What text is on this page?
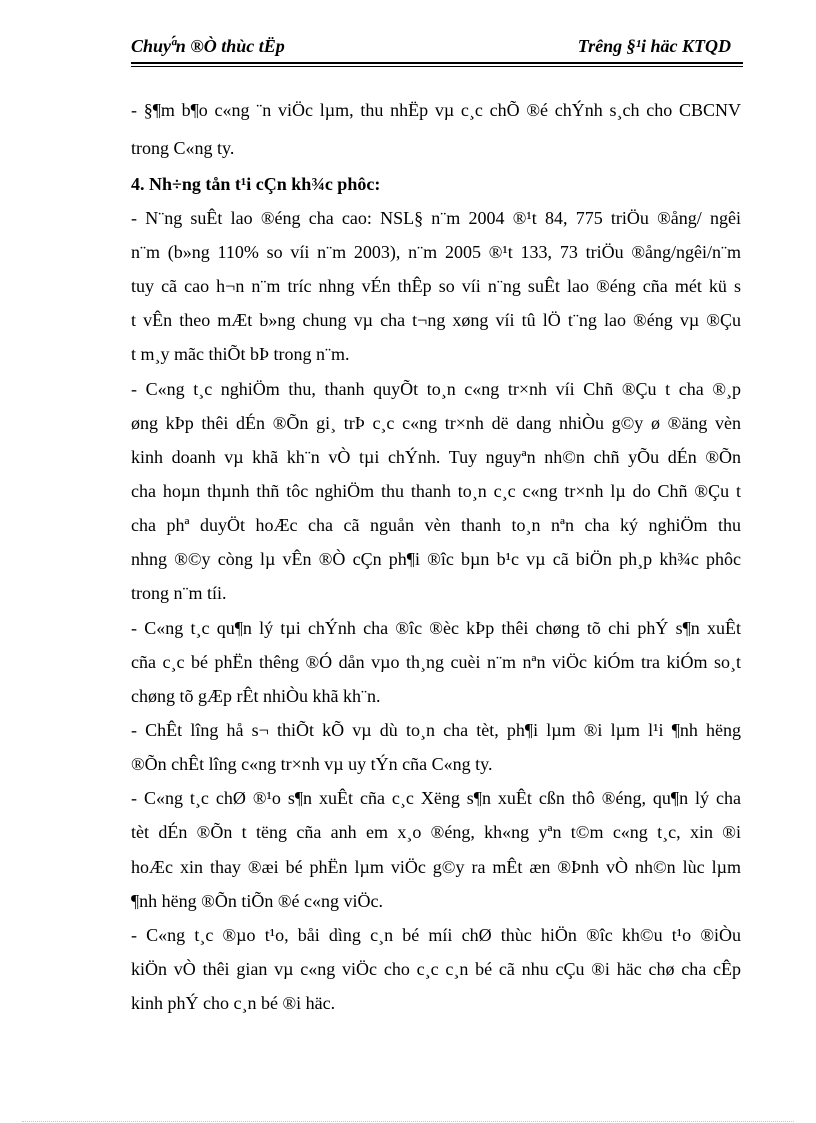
Chuyª́n ®Ò thùc tËp	Trêng §¹i häc KTQD
- §¶m b¶o c«ng ¨n viÖc lµm, thu nhËp vµ c¸c chÕ ®é chÝnh s¸ch cho CBCNV
trong C«ng ty.
4. Nh÷ng tån t¹i cÇn kh¾c phôc:
- N¨ng suÊt lao ®éng cha cao: NSL§ n¨m 2004 ®¹t 84, 775 triÖu ®ång/ ngêi
n¨m (b»ng 110% so víi n¨m 2003), n¨m 2005 ®¹t 133, 73 triÖu ®ång/ngêi/n¨m
tuy cã cao h¬n n¨m tríc nhng vÉn thÊp so víi n¨ng suÊt lao ®éng cña mét kü s
t vÊn theo mÆt b»ng chung vµ cha t¬ng xøng víi tû lÖ t¨ng lao ®éng vµ ®Çu
t m¸y mãc thiÕt bÞ trong n¨m.
- C«ng t¸c nghiÖm thu, thanh quyÕt to¸n c«ng tr×nh víi Chñ ®Çu t cha ®¸p
øng kÞp thêi dÉn ®Õn gi¸ trÞ c¸c c«ng tr×nh dë dang nhiÒu g©y ø ®äng vèn
kinh doanh vµ khã kh¨n vÒ tµi chÝnh. Tuy nguyªn nh©n chñ yÕu dÉn ®Õn
cha hoµn thµnh thñ tôc nghiÖm thu thanh to¸n c¸c c«ng tr×nh lµ do Chñ ®Çu t
cha phª duyÖt hoÆc cha cã nguån vèn thanh to¸n nªn cha ký nghiÖm thu
nhng ®©y còng lµ vÊn ®Ò cÇn ph¶i ®îc bµn b¹c vµ cã biÖn ph¸p kh¾c phôc
trong n¨m tíi.
- C«ng t¸c qu¶n lý tµi chÝnh cha ®îc ®èc kÞp thêi chøng tõ chi phÝ s¶n xuÊt
cña c¸c bé phËn thêng ®Ó dån vµo th¸ng cuèi n¨m nªn viÖc kiÓm tra kiÓm so¸t
chøng tõ gÆp rÊt nhiÒu khã kh¨n.
- ChÊt lîng hå s¬ thiÕt kÕ vµ dù to¸n cha tèt, ph¶i lµm ®i lµm l¹i ¶nh hëng
®Õn chÊt lîng c«ng tr×nh vµ uy tÝn cña C«ng ty.
- C«ng t¸c chØ ®¹o s¶n xuÊt cña c¸c Xëng s¶n xuÊt cßn thô ®éng, qu¶n lý cha
tèt dÉn ®Õn t tëng cña anh em x¸o ®éng, kh«ng yªn t©m c«ng t¸c, xin ®i
hoÆc xin thay ®æi bé phËn lµm viÖc g©y ra mÊt æn ®Þnh vÒ nh©n lùc lµm
¶nh hëng ®Õn tiÕn ®é c«ng viÖc.
- C«ng t¸c ®µo t¹o, båi dìng c¸n bé míi chØ thùc hiÖn ®îc kh©u t¹o ®iÒu
kiÖn vÒ thêi gian vµ c«ng viÖc cho c¸c c¸n bé cã nhu cÇu ®i häc chø cha cÊp
kinh phÝ cho c¸n bé ®i häc.
